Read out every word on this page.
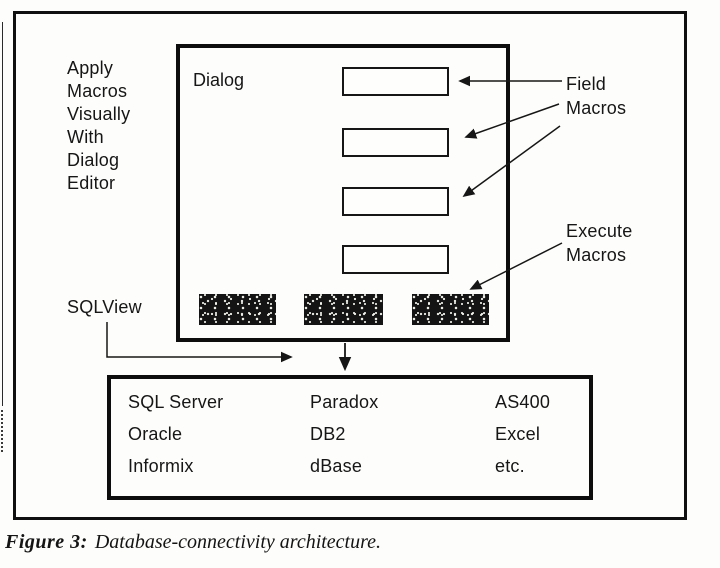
Apply
Macros
Visually
With
Dialog
Editor
Dialog	Field
Macros
Execute
Macros
SQLView
SQL Server	Paradox	AS400
Oracle	DB2	Excel
Informix	dBase	etc.
Figure 3: Database-connectivity architecture.
